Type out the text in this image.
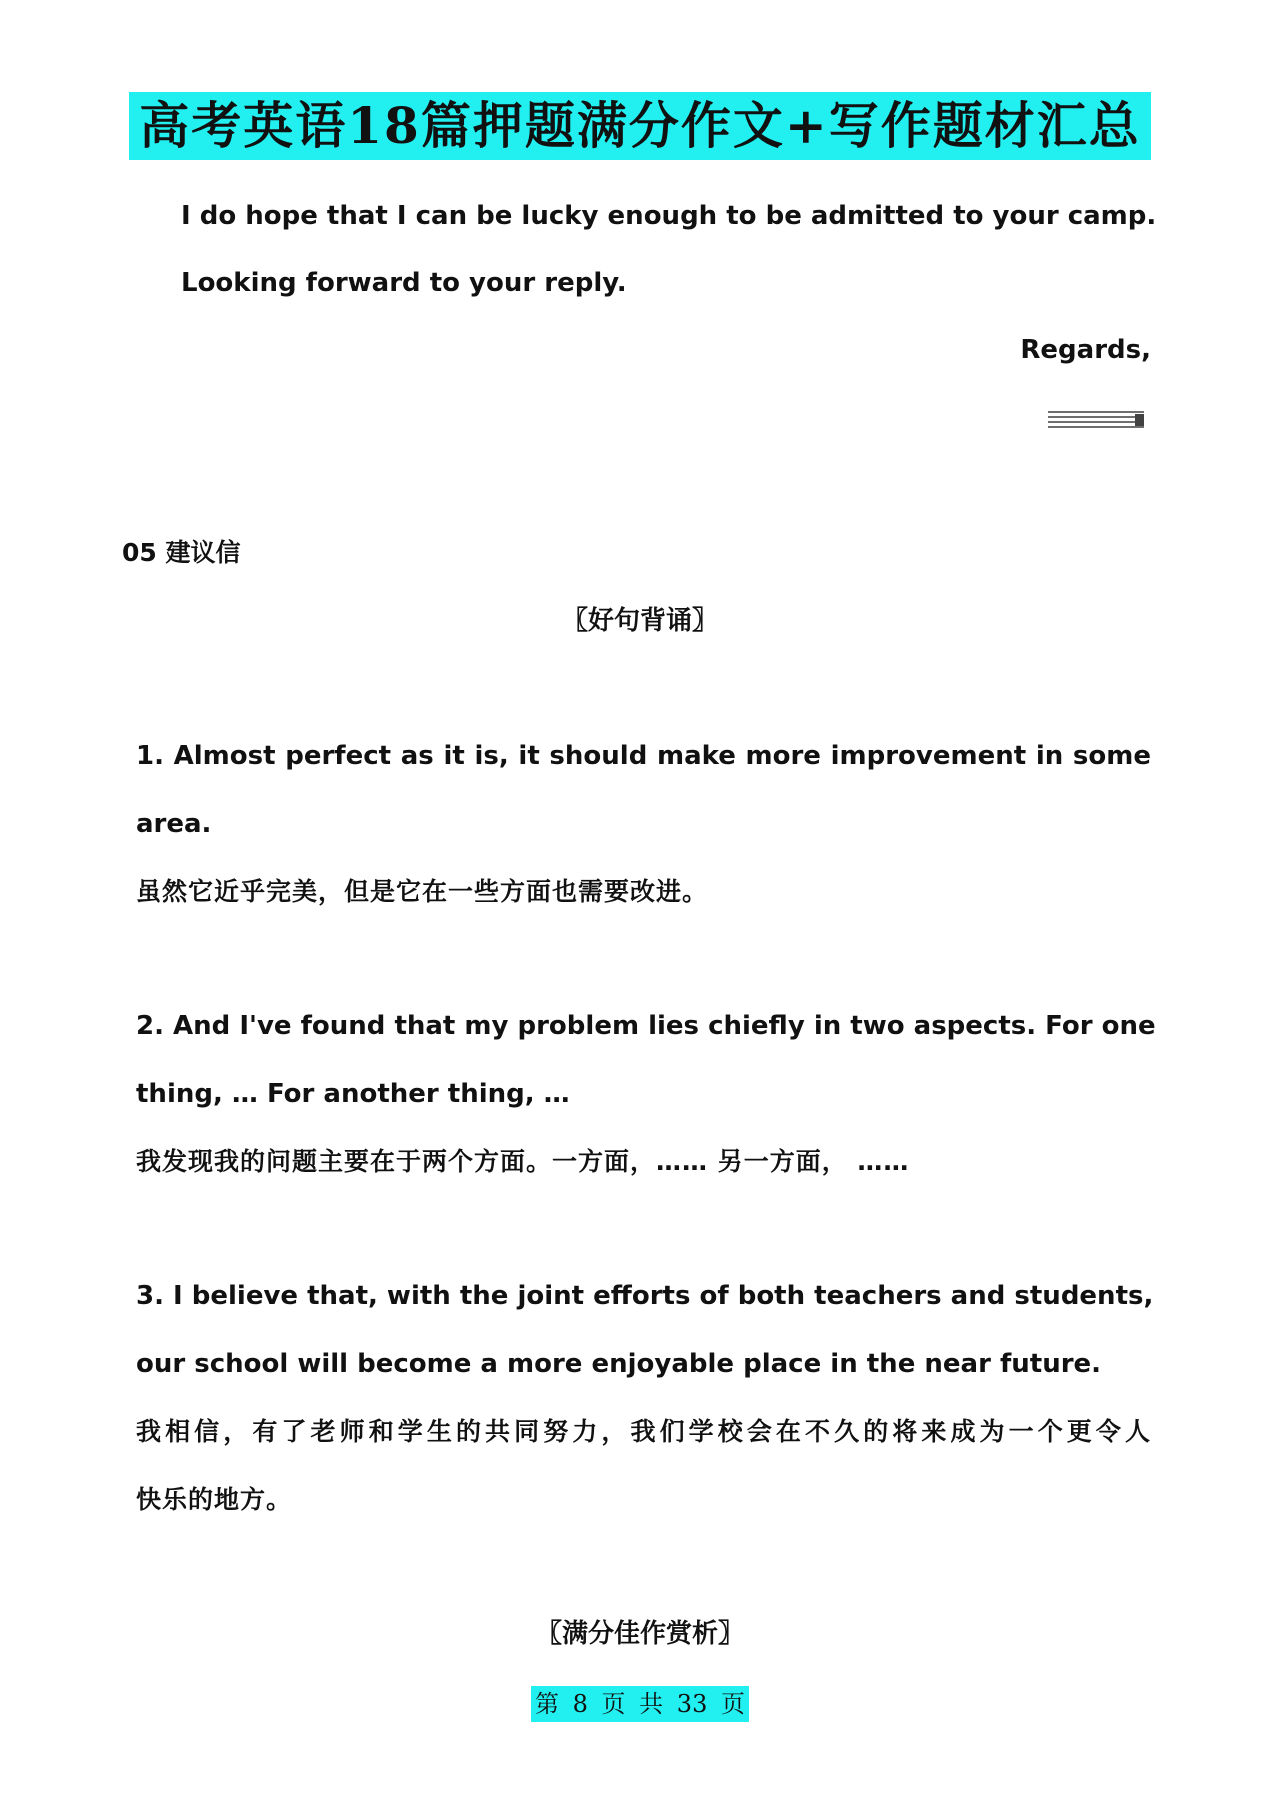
高考英语18篇押题满分作文+写作题材汇总
I do hope that I can be lucky enough to be admitted to your camp.
Looking forward to your reply.
Regards,
05 建议信
〖好句背诵〗
1. Almost perfect as it is, it should make more improvement in some
area.
虽然它近乎完美，但是它在一些方面也需要改进。
2. And I've found that my problem lies chiefly in two aspects. For one
thing, … For another thing, …
我发现我的问题主要在于两个方面。一方面，…… 另一方面， ……
3. I believe that, with the joint efforts of both teachers and students,
our school will become a more enjoyable place in the near future.
我相信，有了老师和学生的共同努力，我们学校会在不久的将来成为一个更令人
快乐的地方。
〖满分佳作赏析〗
第 8 页 共 33 页
